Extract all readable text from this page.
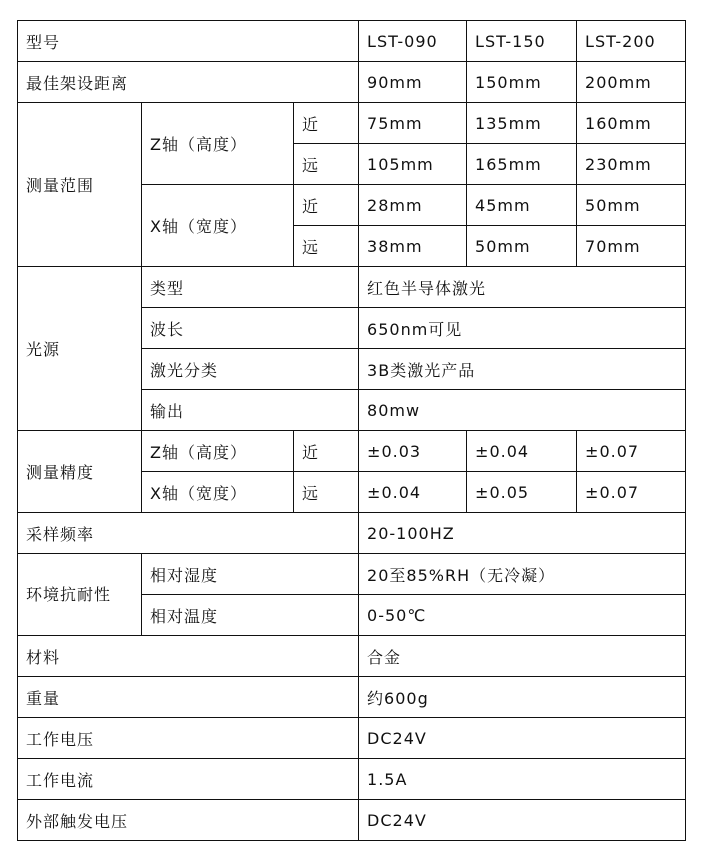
型号			LST-090	LST-150	LST-200
最佳架设距离			90mm	150mm	200mm
测量范围	Z轴（高度）	近	75mm	135mm	160mm
		远	105mm	165mm	230mm
	X轴（宽度）	近	28mm	45mm	50mm
		远	38mm	50mm	70mm
光源	类型		红色半导体激光		
	波长		650nm可见		
	激光分类		3B类激光产品		
	输出		80mw		
测量精度	Z轴（高度）	近	±0.03	±0.04	±0.07
	X轴（宽度）	远	±0.04	±0.05	±0.07
采样频率			20-100HZ		
环境抗耐性	相对湿度		20至85%RH（无冷凝）		
	相对温度		0-50℃		
材料			合金		
重量			约600g		
工作电压			DC24V		
工作电流			1.5A		
外部触发电压			DC24V		
